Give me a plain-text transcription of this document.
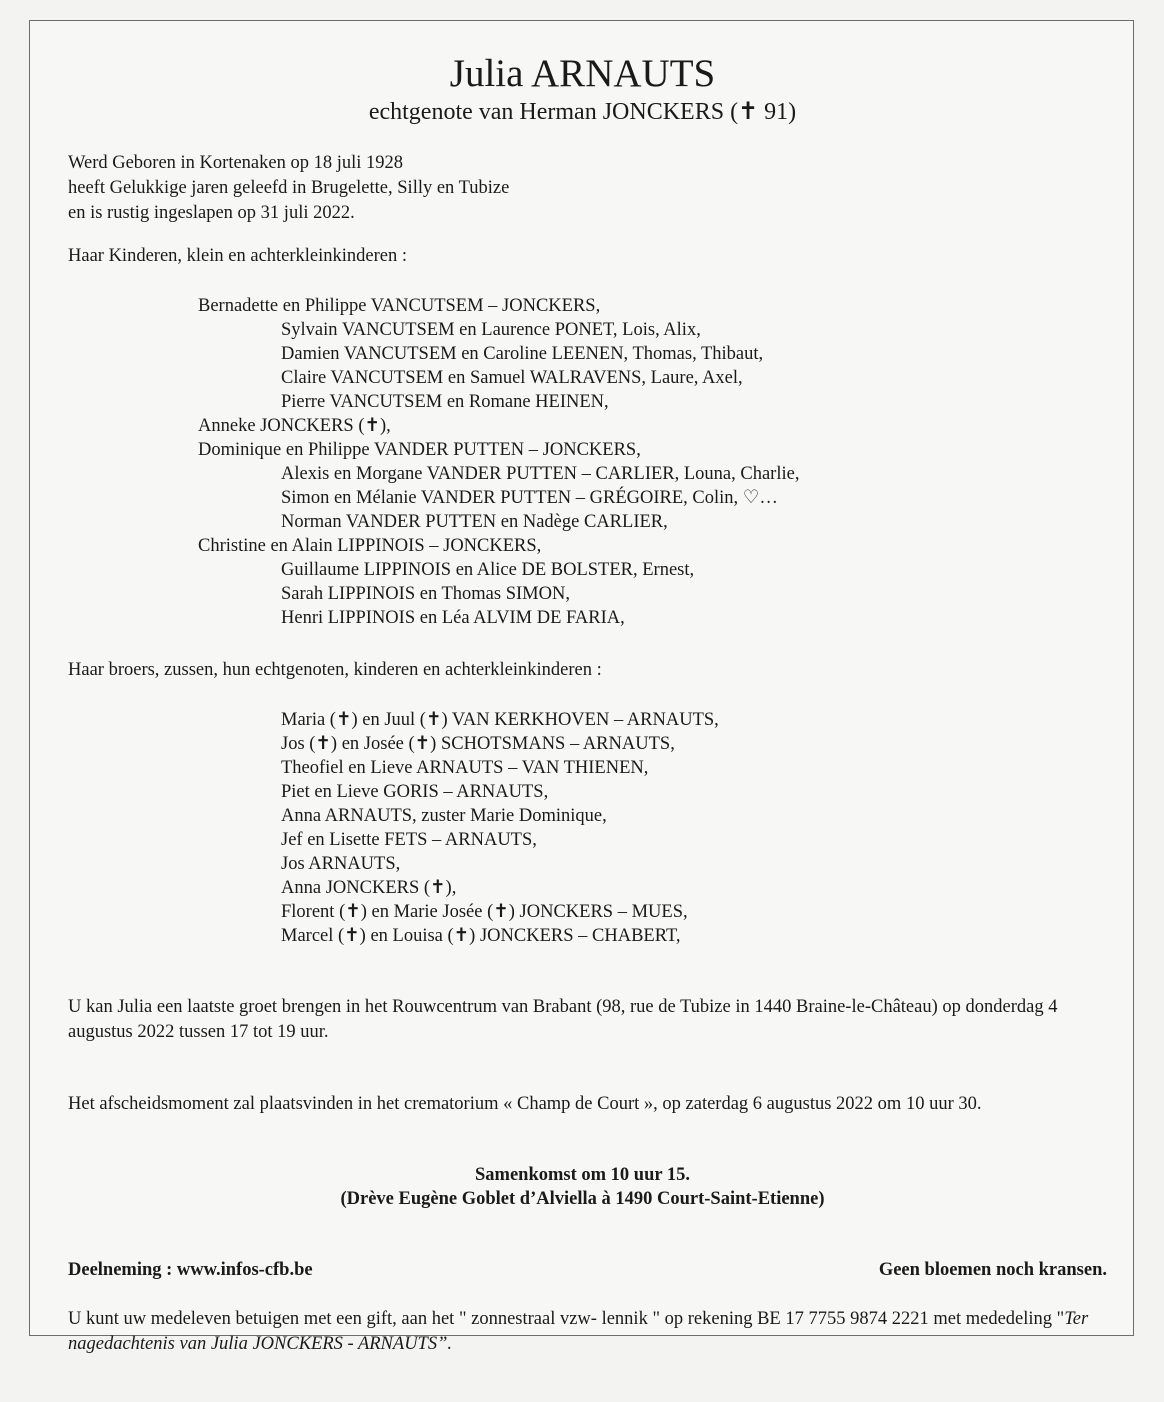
Julia ARNAUTS
echtgenote van Herman JONCKERS (✝ 91)
Werd Geboren in Kortenaken op 18 juli 1928
heeft Gelukkige jaren geleefd in Brugelette, Silly en Tubize
en is rustig ingeslapen op 31 juli 2022.
Haar Kinderen, klein en achterkleinkinderen :
Bernadette en Philippe VANCUTSEM – JONCKERS,
Sylvain VANCUTSEM en Laurence PONET, Lois, Alix,
Damien VANCUTSEM en Caroline LEENEN, Thomas, Thibaut,
Claire VANCUTSEM en Samuel WALRAVENS, Laure, Axel,
Pierre VANCUTSEM en Romane HEINEN,
Anneke JONCKERS (✝),
Dominique en Philippe VANDER PUTTEN – JONCKERS,
Alexis en Morgane VANDER PUTTEN – CARLIER, Louna, Charlie,
Simon en Mélanie VANDER PUTTEN – GRÉGOIRE, Colin, ♡…
Norman VANDER PUTTEN en Nadège CARLIER,
Christine en Alain LIPPINOIS – JONCKERS,
Guillaume LIPPINOIS en Alice DE BOLSTER, Ernest,
Sarah LIPPINOIS en Thomas SIMON,
Henri LIPPINOIS en Léa ALVIM DE FARIA,
Haar broers, zussen, hun echtgenoten, kinderen en achterkleinkinderen :
Maria (✝) en Juul (✝) VAN KERKHOVEN – ARNAUTS,
Jos (✝) en Josée (✝) SCHOTSMANS – ARNAUTS,
Theofiel en Lieve ARNAUTS – VAN THIENEN,
Piet en Lieve GORIS – ARNAUTS,
Anna ARNAUTS, zuster Marie Dominique,
Jef en Lisette FETS – ARNAUTS,
Jos ARNAUTS,
Anna JONCKERS (✝),
Florent (✝) en Marie Josée (✝) JONCKERS – MUES,
Marcel (✝) en Louisa (✝) JONCKERS – CHABERT,
U kan Julia een laatste groet brengen in het Rouwcentrum van Brabant (98, rue de Tubize in 1440 Braine-le-Château) op donderdag 4 augustus 2022 tussen 17 tot 19 uur.
Het afscheidsmoment zal plaatsvinden in het crematorium « Champ de Court », op zaterdag 6 augustus 2022 om 10 uur 30.
Samenkomst om 10 uur 15.
(Drève Eugène Goblet d’Alviella à 1490 Court-Saint-Etienne)
Deelneming : www.infos-cfb.be	Geen bloemen noch kransen.
U kunt uw medeleven betuigen met een gift, aan het " zonnestraal vzw- lennik " op rekening BE 17 7755 9874 2221 met mededeling "Ter nagedachtenis van Julia JONCKERS - ARNAUTS”.
